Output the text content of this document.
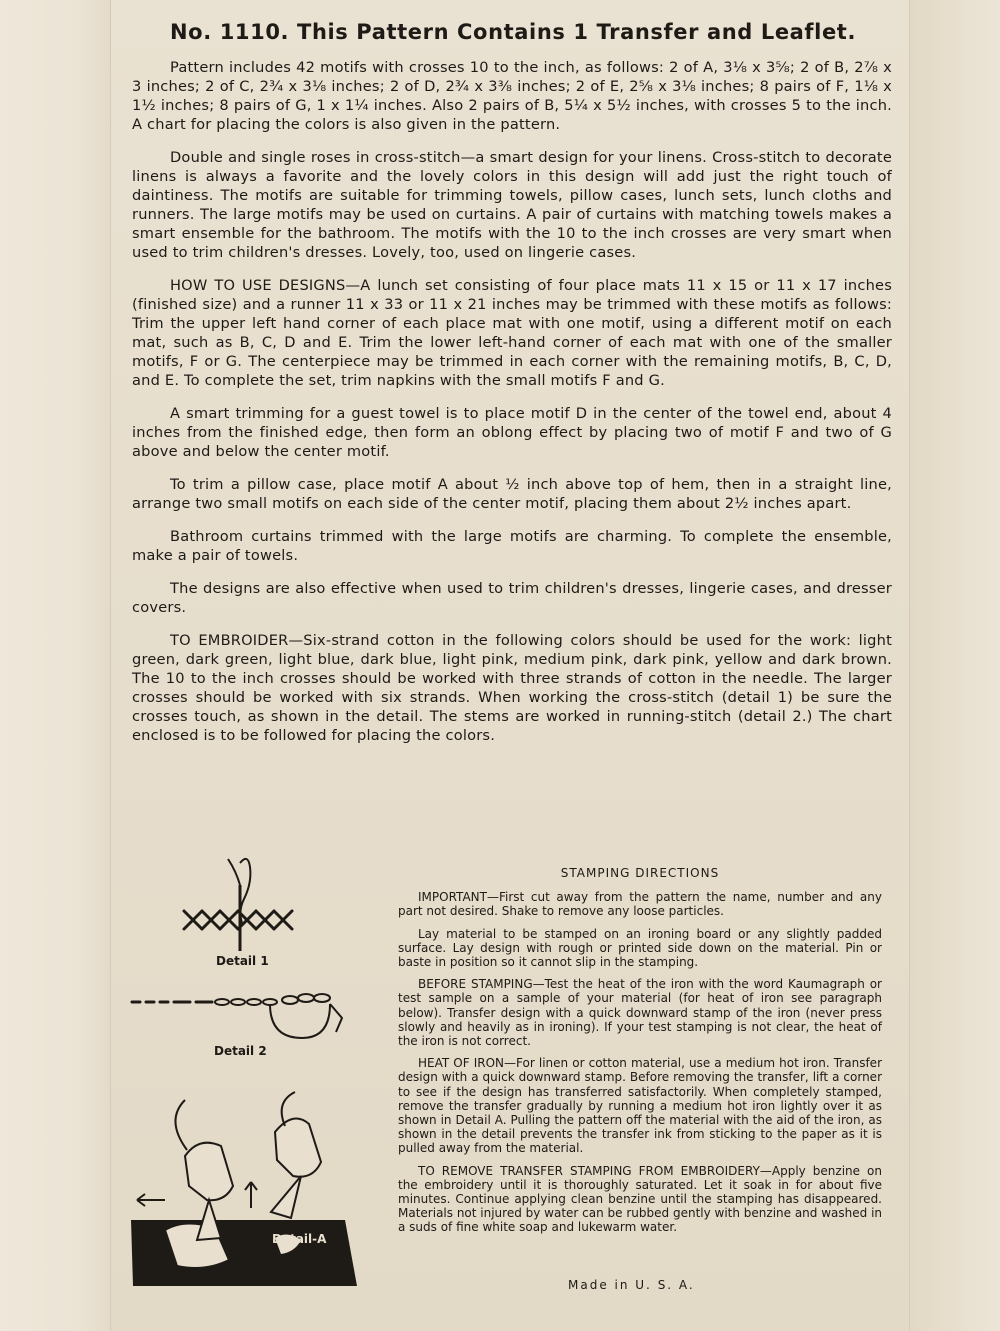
No. 1110. This Pattern Contains 1 Transfer and Leaflet.

Pattern includes 42 motifs with crosses 10 to the inch, as follows: 2 of A, 3⅛ x 3⅝; 2 of B, 2⅞ x 3 inches; 2 of C, 2¾ x 3⅛ inches; 2 of D, 2¾ x 3⅜ inches; 2 of E, 2⅝ x 3⅛ inches; 8 pairs of F, 1⅛ x 1½ inches; 8 pairs of G, 1 x 1¼ inches. Also 2 pairs of B, 5¼ x 5½ inches, with crosses 5 to the inch. A chart for placing the colors is also given in the pattern.

Double and single roses in cross-stitch—a smart design for your linens. Cross-stitch to decorate linens is always a favorite and the lovely colors in this design will add just the right touch of daintiness. The motifs are suitable for trimming towels, pillow cases, lunch sets, lunch cloths and runners. The large motifs may be used on curtains. A pair of curtains with matching towels makes a smart ensemble for the bathroom. The motifs with the 10 to the inch crosses are very smart when used to trim children's dresses. Lovely, too, used on lingerie cases.

HOW TO USE DESIGNS—A lunch set consisting of four place mats 11 x 15 or 11 x 17 inches (finished size) and a runner 11 x 33 or 11 x 21 inches may be trimmed with these motifs as follows: Trim the upper left hand corner of each place mat with one motif, using a different motif on each mat, such as B, C, D and E. Trim the lower left-hand corner of each mat with one of the smaller motifs, F or G. The centerpiece may be trimmed in each corner with the remaining motifs, B, C, D, and E. To complete the set, trim napkins with the small motifs F and G.

A smart trimming for a guest towel is to place motif D in the center of the towel end, about 4 inches from the finished edge, then form an oblong effect by placing two of motif F and two of G above and below the center motif.

To trim a pillow case, place motif A about ½ inch above top of hem, then in a straight line, arrange two small motifs on each side of the center motif, placing them about 2½ inches apart.

Bathroom curtains trimmed with the large motifs are charming. To complete the ensemble, make a pair of towels.

The designs are also effective when used to trim children's dresses, lingerie cases, and dresser covers.

TO EMBROIDER—Six-strand cotton in the following colors should be used for the work: light green, dark green, light blue, dark blue, light pink, medium pink, dark pink, yellow and dark brown. The 10 to the inch crosses should be worked with three strands of cotton in the needle. The larger crosses should be worked with six strands. When working the cross-stitch (detail 1) be sure the crosses touch, as shown in the detail. The stems are worked in running-stitch (detail 2.) The chart enclosed is to be followed for placing the colors.

Detail 1
Detail 2
Detail-A
STAMPING DIRECTIONS

IMPORTANT—First cut away from the pattern the name, number and any part not desired. Shake to remove any loose particles.

Lay material to be stamped on an ironing board or any slightly padded surface. Lay design with rough or printed side down on the material. Pin or baste in position so it cannot slip in the stamping.

BEFORE STAMPING—Test the heat of the iron with the word Kaumagraph or test sample on a sample of your material (for heat of iron see paragraph below). Transfer design with a quick downward stamp of the iron (never press slowly and heavily as in ironing). If your test stamping is not clear, the heat of the iron is not correct.

HEAT OF IRON—For linen or cotton material, use a medium hot iron. Transfer design with a quick downward stamp. Before removing the transfer, lift a corner to see if the design has transferred satisfactorily. When completely stamped, remove the transfer gradually by running a medium hot iron lightly over it as shown in Detail A. Pulling the pattern off the material with the aid of the iron, as shown in the detail prevents the transfer ink from sticking to the paper as it is pulled away from the material.

TO REMOVE TRANSFER STAMPING FROM EMBROIDERY—Apply benzine on the embroidery until it is thoroughly saturated. Let it soak in for about five minutes. Continue applying clean benzine until the stamping has disappeared. Materials not injured by water can be rubbed gently with benzine and washed in a suds of fine white soap and lukewarm water.

Made in U. S. A.
